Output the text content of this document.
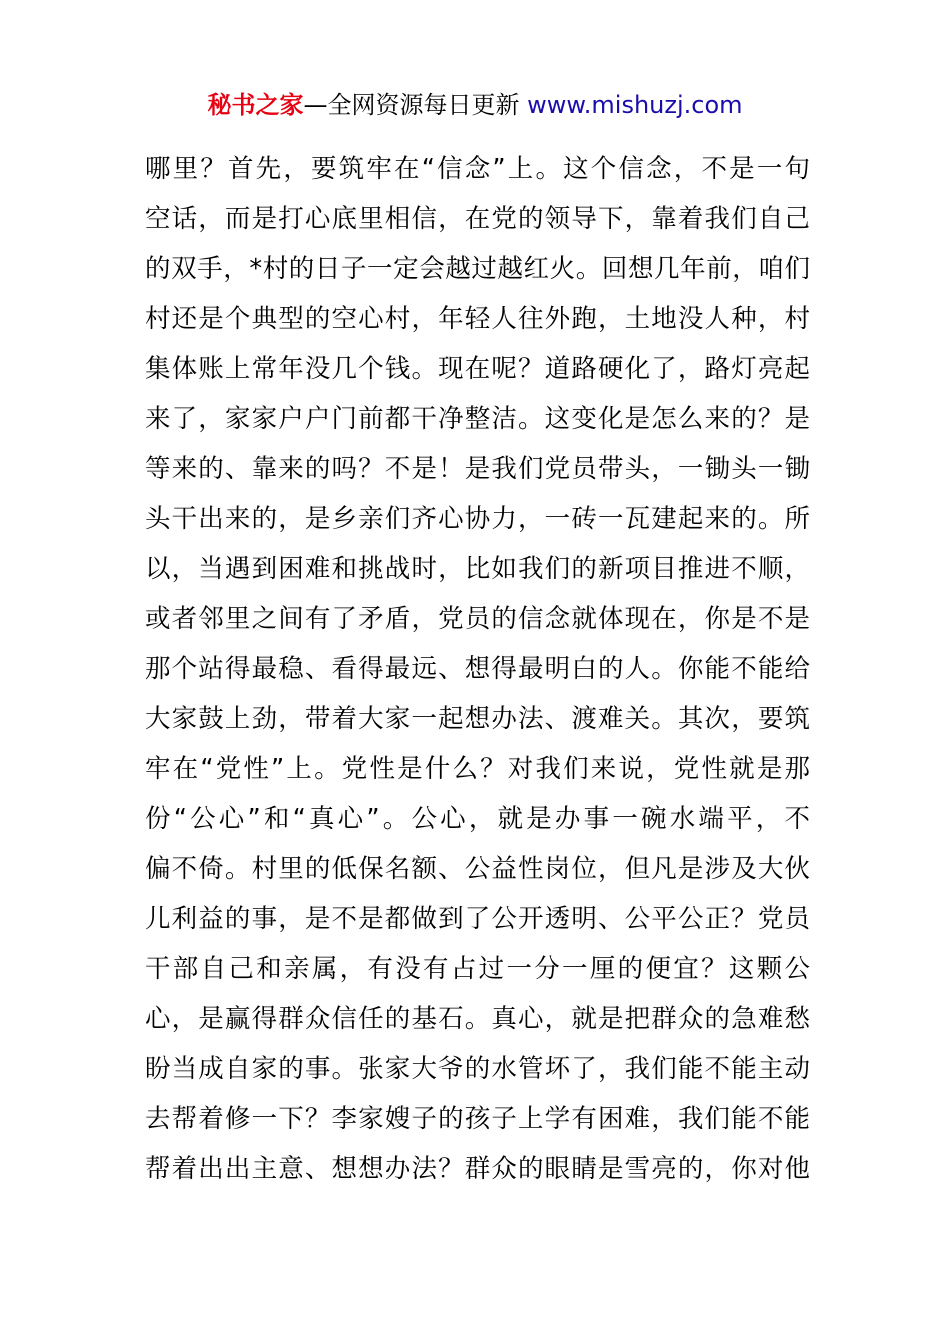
秘书之家—全网资源每日更新 www.mishuzj.com
哪里？首先，要筑牢在“信念”上。这个信念，不是一句
空话，而是打心底里相信，在党的领导下，靠着我们自己
的双手，*村的日子一定会越过越红火。回想几年前，咱们
村还是个典型的空心村，年轻人往外跑，土地没人种，村
集体账上常年没几个钱。现在呢？道路硬化了，路灯亮起
来了，家家户户门前都干净整洁。这变化是怎么来的？是
等来的、靠来的吗？不是！是我们党员带头，一锄头一锄
头干出来的，是乡亲们齐心协力，一砖一瓦建起来的。所
以，当遇到困难和挑战时，比如我们的新项目推进不顺，
或者邻里之间有了矛盾，党员的信念就体现在，你是不是
那个站得最稳、看得最远、想得最明白的人。你能不能给
大家鼓上劲，带着大家一起想办法、渡难关。其次，要筑
牢在“党性”上。党性是什么？对我们来说，党性就是那
份“公心”和“真心”。公心，就是办事一碗水端平，不
偏不倚。村里的低保名额、公益性岗位，但凡是涉及大伙
儿利益的事，是不是都做到了公开透明、公平公正？党员
干部自己和亲属，有没有占过一分一厘的便宜？这颗公
心，是赢得群众信任的基石。真心，就是把群众的急难愁
盼当成自家的事。张家大爷的水管坏了，我们能不能主动
去帮着修一下？李家嫂子的孩子上学有困难，我们能不能
帮着出出主意、想想办法？群众的眼睛是雪亮的，你对他
